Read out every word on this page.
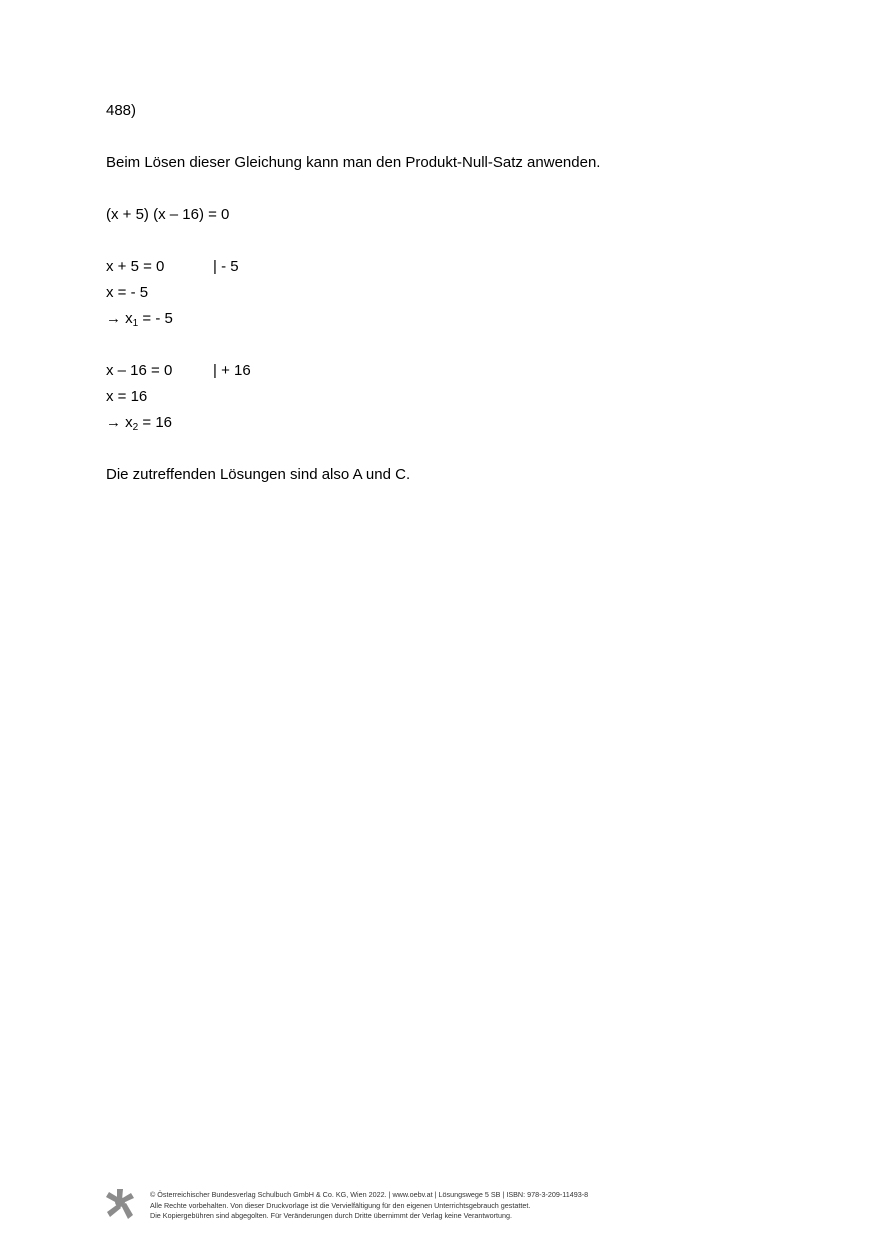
488)
Beim Lösen dieser Gleichung kann man den Produkt-Null-Satz anwenden.
(x + 5) (x – 16) = 0
x + 5 = 0	| - 5
x = - 5
→ $x_1$ = - 5
x – 16 = 0	| + 16
x = 16
→ $x_2 = 16$
Die zutreffenden Lösungen sind also A und C.
© Österreichischer Bundesverlag Schulbuch GmbH & Co. KG, Wien 2022. | www.oebv.at | Lösungswege 5 SB | ISBN: 978-3-209-11493-8
Alle Rechte vorbehalten. Von dieser Druckvorlage ist die Vervielfältigung für den eigenen Unterrichtsgebrauch gestattet.
Die Kopiergebühren sind abgegolten. Für Veränderungen durch Dritte übernimmt der Verlag keine Verantwortung.
